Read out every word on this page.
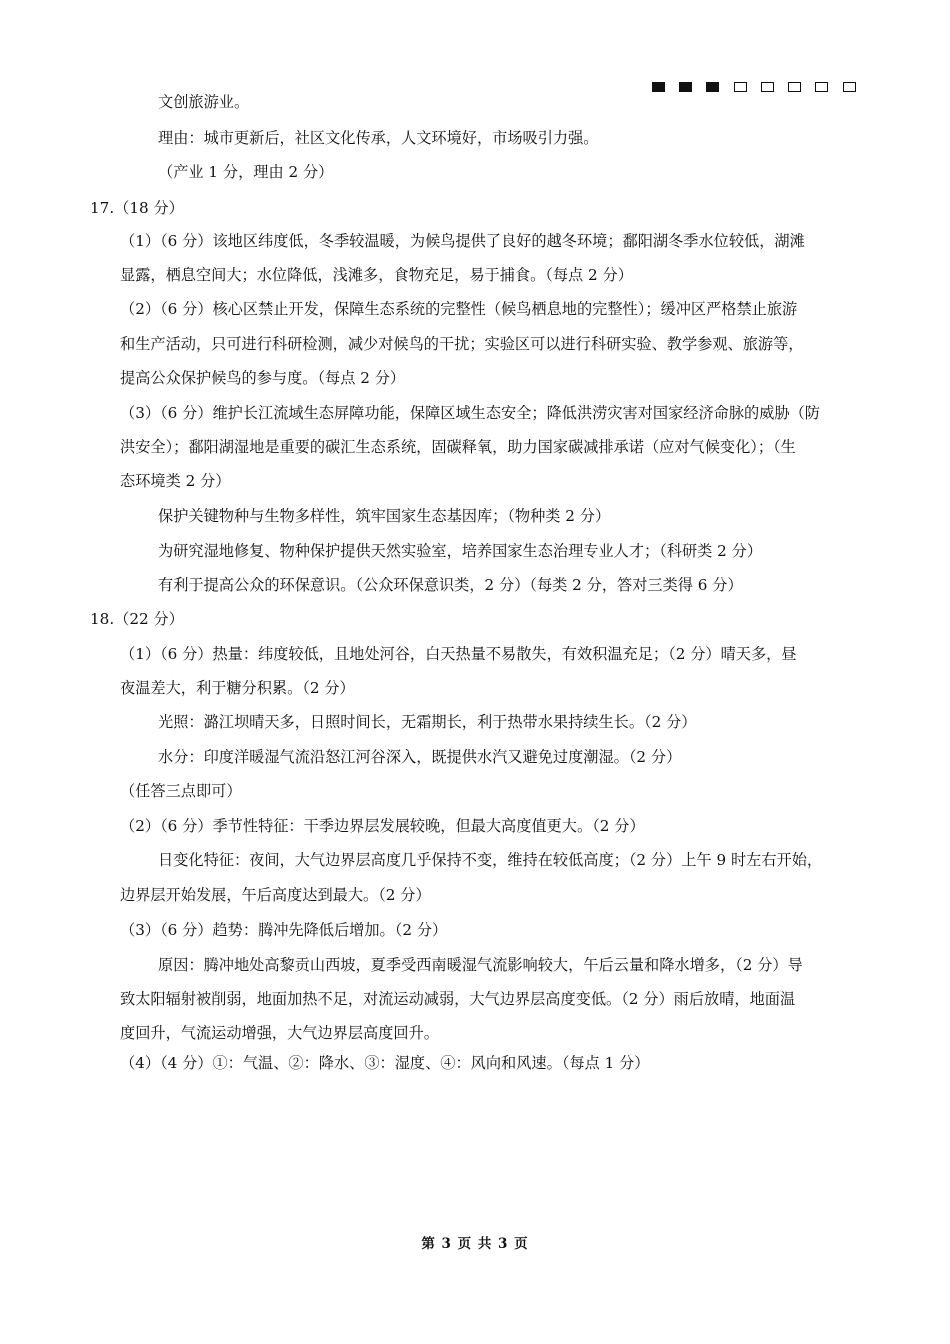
文创旅游业。
理由：城市更新后，社区文化传承，人文环境好，市场吸引力强。
（产业 1 分，理由 2 分）
17.（18 分）
（1）（6 分）该地区纬度低，冬季较温暖，为候鸟提供了良好的越冬环境；鄱阳湖冬季水位较低，湖滩
显露，栖息空间大；水位降低，浅滩多，食物充足，易于捕食。（每点 2 分）
（2）（6 分）核心区禁止开发，保障生态系统的完整性（候鸟栖息地的完整性）；缓冲区严格禁止旅游
和生产活动，只可进行科研检测，减少对候鸟的干扰；实验区可以进行科研实验、教学参观、旅游等，
提高公众保护候鸟的参与度。（每点 2 分）
（3）（6 分）维护长江流域生态屏障功能，保障区域生态安全；降低洪涝灾害对国家经济命脉的威胁（防
洪安全）；鄱阳湖湿地是重要的碳汇生态系统，固碳释氧，助力国家碳减排承诺（应对气候变化）；（生
态环境类 2 分）
保护关键物种与生物多样性，筑牢国家生态基因库；（物种类 2 分）
为研究湿地修复、物种保护提供天然实验室，培养国家生态治理专业人才；（科研类 2 分）
有利于提高公众的环保意识。（公众环保意识类，2 分）（每类 2 分，答对三类得 6 分）
18.（22 分）
（1）（6 分）热量：纬度较低，且地处河谷，白天热量不易散失，有效积温充足；（2 分）晴天多，昼
夜温差大，利于糖分积累。（2 分）
光照：潞江坝晴天多，日照时间长，无霜期长，利于热带水果持续生长。（2 分）
水分：印度洋暖湿气流沿怒江河谷深入，既提供水汽又避免过度潮湿。（2 分）
（任答三点即可）
（2）（6 分）季节性特征：干季边界层发展较晚，但最大高度值更大。（2 分）
日变化特征：夜间，大气边界层高度几乎保持不变，维持在较低高度；（2 分）上午 9 时左右开始，
边界层开始发展，午后高度达到最大。（2 分）
（3）（6 分）趋势：腾冲先降低后增加。（2 分）
原因：腾冲地处高黎贡山西坡，夏季受西南暖湿气流影响较大，午后云量和降水增多，（2 分）导
致太阳辐射被削弱，地面加热不足，对流运动减弱，大气边界层高度变低。（2 分）雨后放晴，地面温
度回升，气流运动增强，大气边界层高度回升。
（4）（4 分）①：气温、②：降水、③：湿度、④：风向和风速。（每点 1 分）
第 3 页 共 3 页
